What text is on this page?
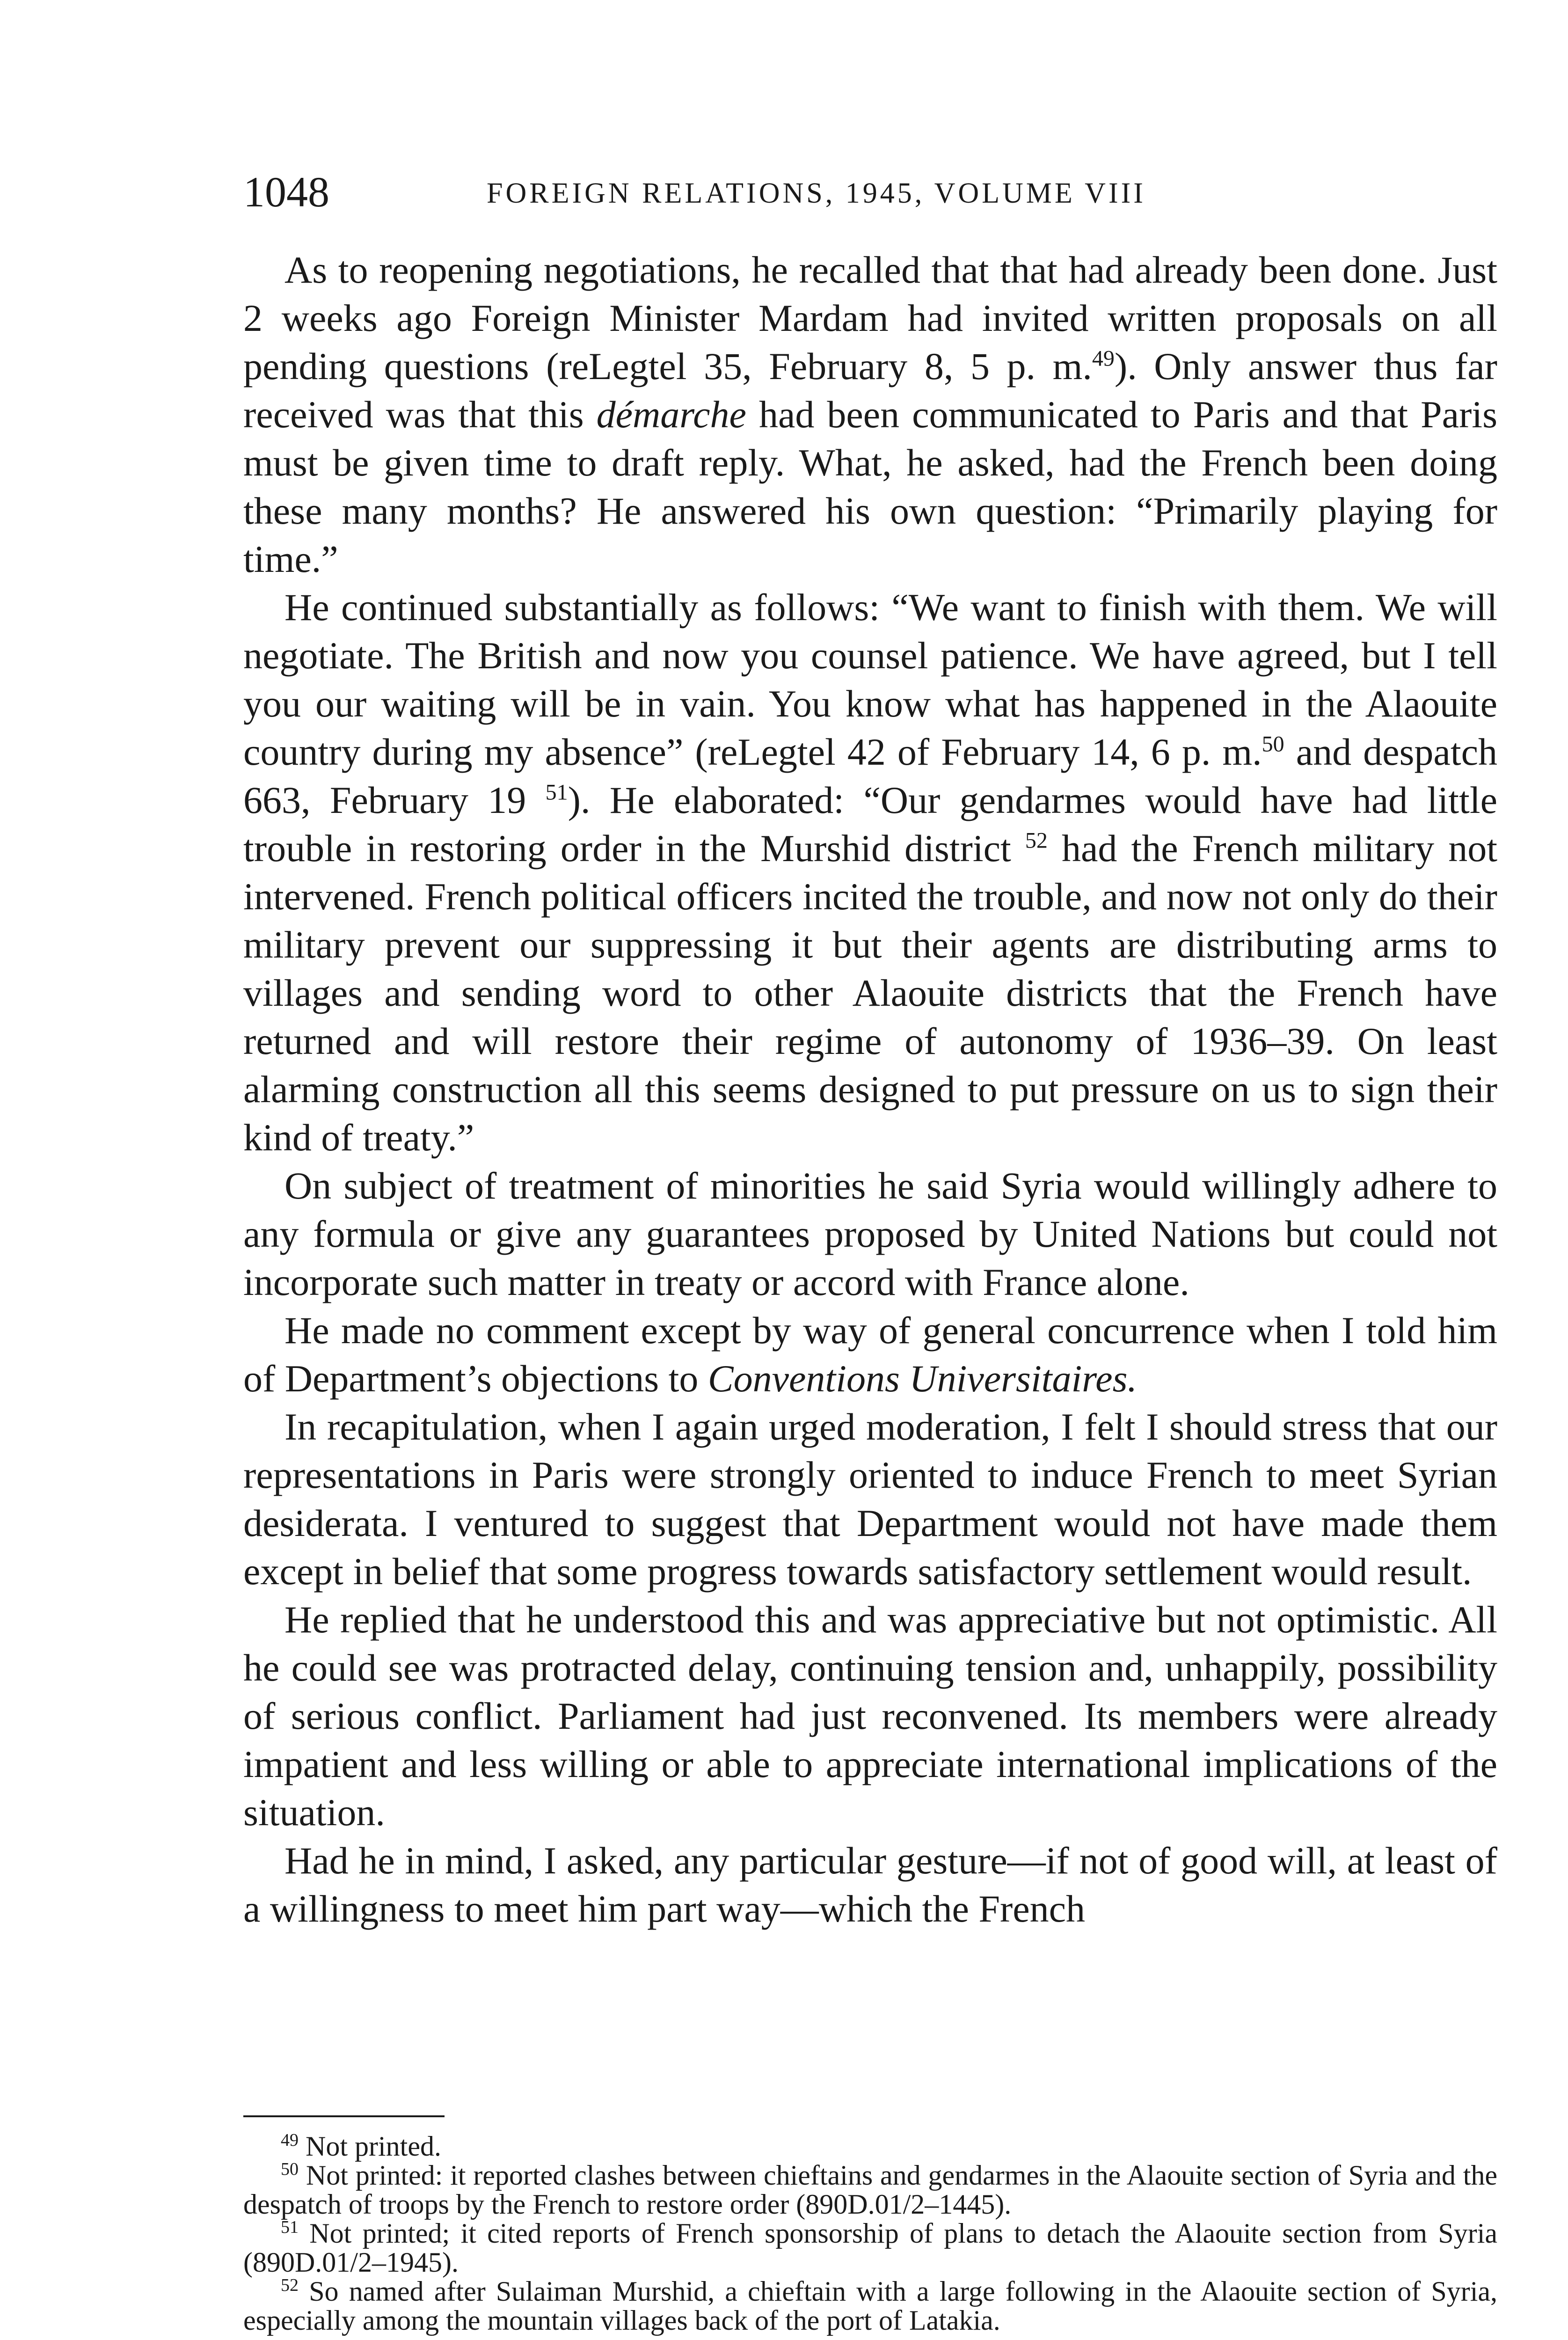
1048	FOREIGN RELATIONS, 1945, VOLUME VIII

As to reopening negotiations, he recalled that that had already been done. Just 2 weeks ago Foreign Minister Mardam had invited written proposals on all pending questions (reLegtel 35, February 8, 5 p. m.$^{49}$). Only answer thus far received was that this démarche had been communicated to Paris and that Paris must be given time to draft reply. What, he asked, had the French been doing these many months? He answered his own question: “Primarily playing for time.”

He continued substantially as follows: “We want to finish with them. We will negotiate. The British and now you counsel patience. We have agreed, but I tell you our waiting will be in vain. You know what has happened in the Alaouite country during my absence” (reLegtel 42 of February 14, 6 p. m.$^{50}$ and despatch 663, February 19 $^{51}$). He elaborated: “Our gendarmes would have had little trouble in restoring order in the Murshid district $^{52}$ had the French military not intervened. French political officers incited the trouble, and now not only do their military prevent our suppressing it but their agents are distributing arms to villages and sending word to other Alaouite districts that the French have returned and will restore their regime of autonomy of 1936–39. On least alarming construction all this seems designed to put pressure on us to sign their kind of treaty.”

On subject of treatment of minorities he said Syria would willingly adhere to any formula or give any guarantees proposed by United Nations but could not incorporate such matter in treaty or accord with France alone.

He made no comment except by way of general concurrence when I told him of Department’s objections to Conventions Universitaires.

In recapitulation, when I again urged moderation, I felt I should stress that our representations in Paris were strongly oriented to induce French to meet Syrian desiderata. I ventured to suggest that Department would not have made them except in belief that some progress towards satisfactory settlement would result.

He replied that he understood this and was appreciative but not optimistic. All he could see was protracted delay, continuing tension and, unhappily, possibility of serious conflict. Parliament had just reconvened. Its members were already impatient and less willing or able to appreciate international implications of the situation.

Had he in mind, I asked, any particular gesture—if not of good will, at least of a willingness to meet him part way—which the French

$^{49}$ Not printed.

$^{50}$ Not printed: it reported clashes between chieftains and gendarmes in the Alaouite section of Syria and the despatch of troops by the French to restore order (890D.01/2–1445).

$^{51}$ Not printed; it cited reports of French sponsorship of plans to detach the Alaouite section from Syria (890D.01/2–1945).

$^{52}$ So named after Sulaiman Murshid, a chieftain with a large following in the Alaouite section of Syria, especially among the mountain villages back of the port of Latakia.
